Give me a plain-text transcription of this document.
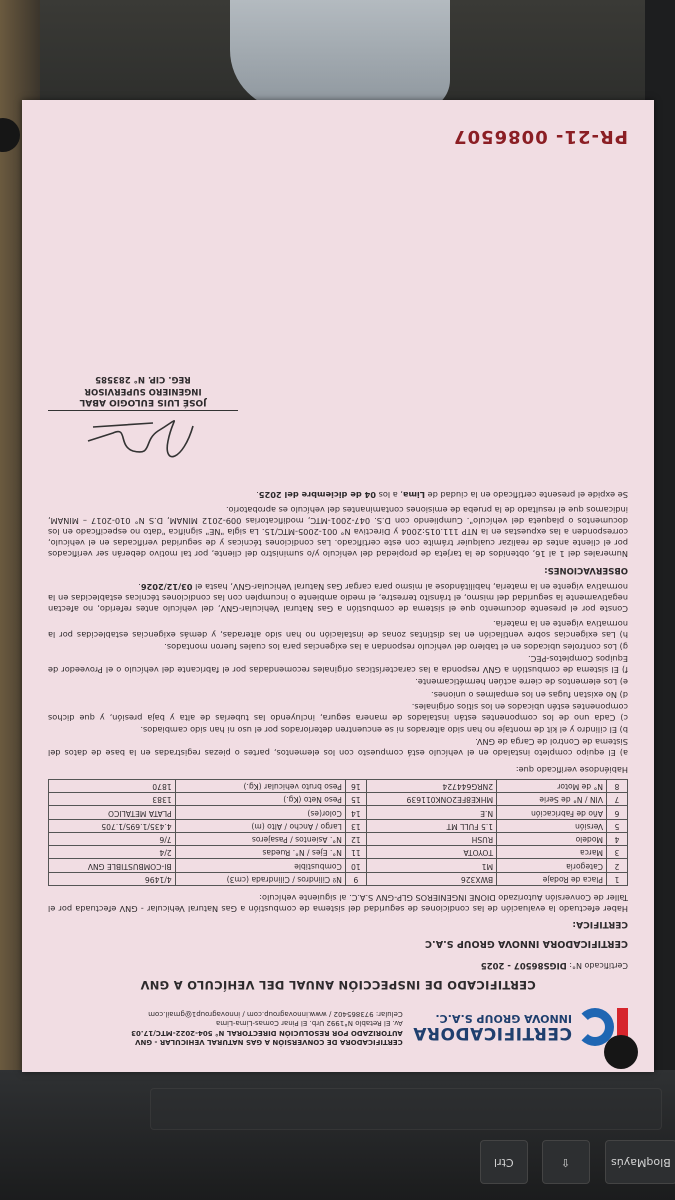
Ctrl	⇧	BloqMayús
CERTIFICADORA
INNOVA GROUP S.A.C.
CERTIFICADORA DE CONVERSIÓN A GAS NATURAL VEHICULAR - GNV
AUTORIZADO POR RESOLUCIÓN DIRECTORAL N° 504-2022-MTC/17.03
Av. El Retablo N°1992 Urb. El Pinar Comas-Lima-Lima
Celular: 973865402 / www.innovagroup.com / innovagroup1@gmail.com
CERTIFICADO DE INSPECCIÓN ANUAL DEL VEHÍCULO A GNV
Certificado N°: DIGS86507 - 2025
CERTIFICADORA INNOVA GROUP S.A.C
CERTIFICA:
Haber efectuado la evaluación de las condiciones de seguridad del sistema de combustión a Gas Natural Vehicular - GNV efectuada por el Taller de Conversión Autorizado DIONE INGENIEROS GLP-GNV S.A.C. al siguiente vehículo:
1	Placa de Rodaje	BWX326	9	Nº Cilindros / Cilindrada (cm3)	4/1496
2	Categoría	M1	10	Combustible	BI-COMBUSTIBLE GNV
3	Marca	TOYOTA	11	N°. Ejes / N°. Ruedas	2/4
4	Modelo	RUSH	12	N°. Asientos / Pasajeros	7/6
5	Versión	1.5 FULL MT	13	Largo / Ancho / Alto (m)	4.435/1.695/1.705
6	Año de Fabricación	N.E	14	Color(es)	PLATA METALICO
7	VIN / N° de Serie	MHKE8FE2ONK011639	15	Peso Neto (Kg.)	1383
8	N° de Motor	2NRG644724	16	Peso bruto vehicular (Kg.)	1870
Habiéndose verificado que:
a) El equipo completo instalado en el vehículo está compuesto con los elementos, partes o piezas registradas en la base de datos del Sistema de Control de Carga de GNV.
b) El cilindro y el kit de montaje no han sido alterados ni se encuentren deteriorados por el uso ni han sido cambiados.
c) Cada uno de los componentes están instalados de manera segura, incluyendo las tuberías de alta y baja presión, y que dichos componentes estén ubicados en los sitios originales.
d) No existan fugas en los empalmes o uniones.
e) Los elementos de cierre actúen herméticamente.
f) El sistema de combustión a GNV responda a las características originales recomendadas por el fabricante del vehículo o el Proveedor de Equipos Completos-PEC.
g) Los controles ubicados en el tablero del vehículo respondan a las exigencias para los cuales fueron montados.
h) Las exigencias sobre ventilación en las distintas zonas de instalación no han sido alteradas, y demás exigencias establecidas por la normativa vigente en la materia.
Conste por el presente documento que el sistema de combustión a Gas Natural Vehicular-GNV, del vehículo antes referido, no afectan negativamente la seguridad del mismo, el tránsito terrestre, el medio ambiente o incumplen con las condiciones técnicas establecidas en la normativa vigente en la materia, habilitándose al mismo para cargar Gas Natural Vehicular-GNV, hasta el 03/12/2026.
OBSERVACIONES:
Numerales del 1 al 16, obtenidos de la tarjeta de propiedad del vehículo y/o suministro del cliente, por tal motivo deberán ser verificados por el cliente antes de realizar cualquier trámite con este certificado. Las condiciones técnicas y de seguridad verificadas en el vehículo, corresponden a las expuestas en la NTP 111.015:2004 y Directiva N° 001-2005-MTC/15. La sigla "NE" significa "dato no especificado en los documentos o plaqueta del vehículo". Cumpliendo con D.S. 047-2001-MTC, modificatorias 009-2012 MINAM, D.S N° 010-2017 – MINAM, indicamos que el resultado de la prueba de emisiones contaminantes del vehículo es aprobatorio.
Se expide el presente certificado en la ciudad de Lima, a los 04 de diciembre del 2025.
JOSÉ LUIS EULOGIO ABAL
INGENIERO SUPERVISOR
REG. CIP. N° 283585
PR-21- 0086507
